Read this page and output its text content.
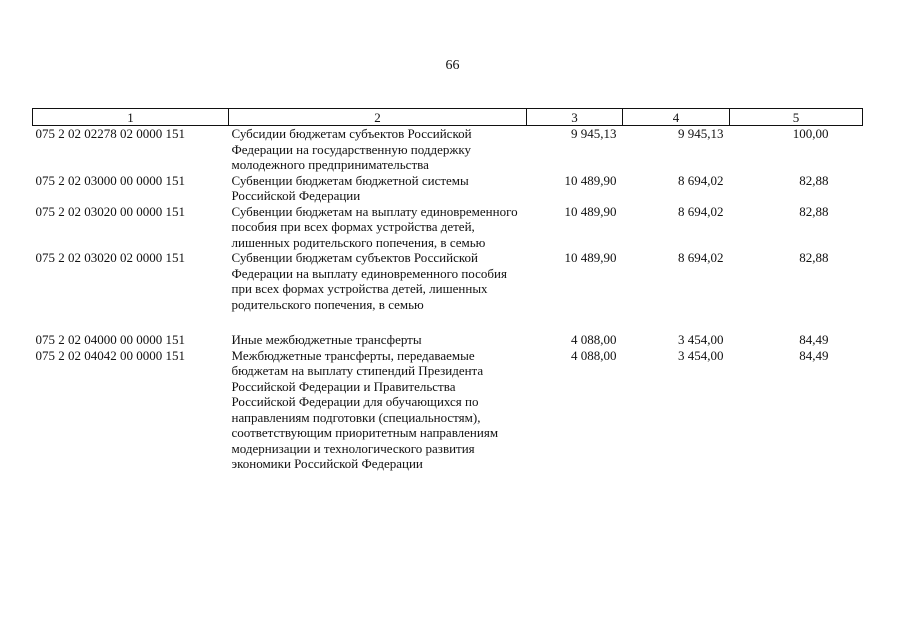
66
1	2	3	4	5
075 2 02 02278 02 0000 151	Субсидии бюджетам субъектов Российской Федерации на государственную поддержку молодежного предпринимательства	9 945,13	9 945,13	100,00
075 2 02 03000 00 0000 151	Субвенции бюджетам бюджетной системы Российской Федерации	10 489,90	8 694,02	82,88
075 2 02 03020 00 0000 151	Субвенции бюджетам на выплату единовременного пособия при всех формах устройства детей, лишенных родительского попечения, в семью	10 489,90	8 694,02	82,88
075 2 02 03020 02 0000 151	Субвенции бюджетам субъектов Российской Федерации на выплату единовременного пособия при всех формах устройства детей, лишенных родительского попечения, в семью	10 489,90	8 694,02	82,88
075 2 02 04000 00 0000 151	Иные межбюджетные трансферты	4 088,00	3 454,00	84,49
075 2 02 04042 00 0000 151	Межбюджетные трансферты, передаваемые бюджетам на выплату стипендий Президента Российской Федерации и Правительства Российской Федерации для обучающихся по направлениям подготовки (специальностям), соответствующим приоритетным направлениям модернизации и технологического развития экономики Российской Федерации	4 088,00	3 454,00	84,49
